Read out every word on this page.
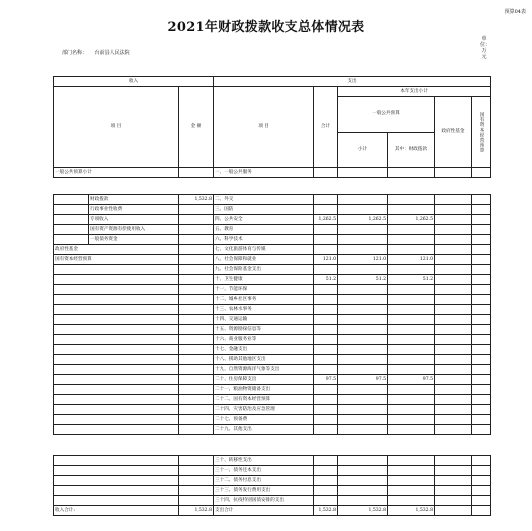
预算04表
2021年财政拨款收支总体情况表
单位：万元
部门名称： 台前县人民法院
收入		支出					
项 目	金 额	项 目	合计	本年支出小计			
				一般公共预算		政府性基金	国有资本经营预算
				小计	其中：财政拨款		

一般公共预算小计		一、一般公共服务					
	财政拨款	1,532.8	二、外交					
	行政事业性收费		三、国防					
	专项收入		四、公共安全	1,262.5	1,262.5	1,262.5		
	国有资产资源有偿使用收入		五、教育					
	一般债务资金		六、科学技术					
政府性基金			七、文化旅游体育与传媒					
国有资本经营预算			八、社会保障和就业	121.0	121.0	121.0		
			九、社会保险基金支出					
			十、卫生健康	51.2	51.2	51.2		
			十一、节能环保					
			十二、城乡社区事务					
			十三、农林水事务					
			十四、交通运输					
			十五、资源勘探信息等					
			十六、商业服务业等					
			十七、金融支出					
			十八、援助其他地区支出					
			十九、自然资源海洋气象等支出					
			二十、住房保障支出	97.5	97.5	97.5		
			二十一、粮油物资储备支出					
			二十二、国有资本经营预算					
			二十四、灾害防治及应急管理					
			二十七、预备费					
			二十九、其他支出					
		三十、转移性支出					
		三十一、债务还本支出					
		三十二、债务付息支出					
		三十三、债务发行费用支出					
		三十四、抗疫特别国债安排的支出					
收入合计:	1,532.8	支出合计	1,532.8	1,532.8	1,532.8		
